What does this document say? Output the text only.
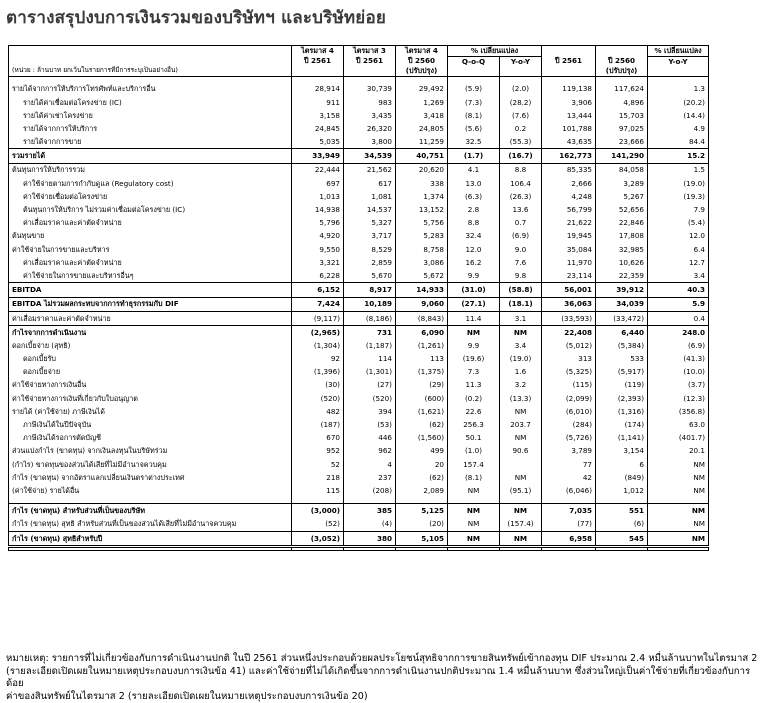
ตารางสรุปงบการเงินรวมของบริษัทฯ และบริษัทย่อย
	ไตรมาส 4	ไตรมาส 3	ไตรมาส 4	% เปลี่ยนแปลง				% เปลี่ยนแปลง
	ปี 2561	ปี 2561	ปี 2560	Q-o-Q	Y-o-Y	ปี 2561	ปี 2560	Y-o-Y
(หน่วย : ล้านบาท ยกเว้นในรายการที่มีการระบุเป็นอย่างอื่น)			(ปรับปรุง)				(ปรับปรุง)	

รายได้จากการให้บริการโทรศัพท์และบริการอื่น	28,914	30,739	29,492	(5.9)	(2.0)	119,138	117,624	1.3
รายได้ค่าเชื่อมต่อโครงข่าย (IC)	911	983	1,269	(7.3)	(28.2)	3,906	4,896	(20.2)
รายได้ค่าเช่าโครงข่าย	3,158	3,435	3,418	(8.1)	(7.6)	13,444	15,703	(14.4)
รายได้จากการให้บริการ	24,845	26,320	24,805	(5.6)	0.2	101,788	97,025	4.9
รายได้จากการขาย	5,035	3,800	11,259	32.5	(55.3)	43,635	23,666	84.4
รวมรายได้	33,949	34,539	40,751	(1.7)	(16.7)	162,773	141,290	15.2
ต้นทุนการให้บริการรวม	22,444	21,562	20,620	4.1	8.8	85,335	84,058	1.5
ค่าใช้จ่ายตามการกำกับดูแล (Regulatory cost)	697	617	338	13.0	106.4	2,666	3,289	(19.0)
ค่าใช้จ่ายเชื่อมต่อโครงข่าย	1,013	1,081	1,374	(6.3)	(26.3)	4,248	5,267	(19.3)
ต้นทุนการให้บริการ ไม่รวมค่าเชื่อมต่อโครงข่าย (IC)	14,938	14,537	13,152	2.8	13.6	56,799	52,656	7.9
ค่าเสื่อมราคาและค่าตัดจำหน่าย	5,796	5,327	5,756	8.8	0.7	21,622	22,846	(5.4)
ต้นทุนขาย	4,920	3,717	5,283	32.4	(6.9)	19,945	17,808	12.0
ค่าใช้จ่ายในการขายและบริหาร	9,550	8,529	8,758	12.0	9.0	35,084	32,985	6.4
ค่าเสื่อมราคาและค่าตัดจำหน่าย	3,321	2,859	3,086	16.2	7.6	11,970	10,626	12.7
ค่าใช้จ่ายในการขายและบริหารอื่นๆ	6,228	5,670	5,672	9.9	9.8	23,114	22,359	3.4
EBITDA	6,152	8,917	14,933	(31.0)	(58.8)	56,001	39,912	40.3
EBITDA ไม่รวมผลกระทบจากการทำธุรกรรมกับ DIF	7,424	10,189	9,060	(27.1)	(18.1)	36,063	34,039	5.9
ค่าเสื่อมราคาและค่าตัดจำหน่าย	(9,117)	(8,186)	(8,843)	11.4	3.1	(33,593)	(33,472)	0.4
กำไรจากการดำเนินงาน	(2,965)	731	6,090	NM	NM	22,408	6,440	248.0
ดอกเบี้ยจ่าย (สุทธิ)	(1,304)	(1,187)	(1,261)	9.9	3.4	(5,012)	(5,384)	(6.9)
ดอกเบี้ยรับ	92	114	113	(19.6)	(19.0)	313	533	(41.3)
ดอกเบี้ยจ่าย	(1,396)	(1,301)	(1,375)	7.3	1.6	(5,325)	(5,917)	(10.0)
ค่าใช้จ่ายทางการเงินอื่น	(30)	(27)	(29)	11.3	3.2	(115)	(119)	(3.7)
ค่าใช้จ่ายทางการเงินที่เกี่ยวกับใบอนุญาต	(520)	(520)	(600)	(0.2)	(13.3)	(2,099)	(2,393)	(12.3)
รายได้ (ค่าใช้จ่าย) ภาษีเงินได้	482	394	(1,621)	22.6	NM	(6,010)	(1,316)	(356.8)
ภาษีเงินได้ในปีปัจจุบัน	(187)	(53)	(62)	256.3	203.7	(284)	(174)	63.0
ภาษีเงินได้รอการตัดบัญชี	670	446	(1,560)	50.1	NM	(5,726)	(1,141)	(401.7)
ส่วนแบ่งกำไร (ขาดทุน) จากเงินลงทุนในบริษัทร่วม	952	962	499	(1.0)	90.6	3,789	3,154	20.1
(กำไร) ขาดทุนของส่วนได้เสียที่ไม่มีอำนาจควบคุม	52	4	20	157.4		77	6	NM
กำไร (ขาดทุน) จากอัตราแลกเปลี่ยนเงินตราต่างประเทศ	218	237	(62)	(8.1)	NM	42	(849)	NM
(ค่าใช้จ่าย) รายได้อื่น	115	(208)	2,089	NM	(95.1)	(6,046)	1,012	NM

กำไร (ขาดทุน) สำหรับส่วนที่เป็นของบริษัท	(3,000)	385	5,125	NM	NM	7,035	551	NM
กำไร (ขาดทุน) สุทธิ สำหรับส่วนที่เป็นของส่วนได้เสียที่ไม่มีอำนาจควบคุม	(52)	(4)	(20)	NM	(157.4)	(77)	(6)	NM
กำไร (ขาดทุน) สุทธิสำหรับปี	(3,052)	380	5,105	NM	NM	6,958	545	NM

หมายเหตุ: รายการที่ไม่เกี่ยวข้องกับการดำเนินงานปกติ ในปี 2561 ส่วนหนึ่งประกอบด้วยผลประโยชน์สุทธิจากการขายสินทรัพย์เข้ากองทุน DIF ประมาณ 2.4 หมื่นล้านบาทในไตรมาส 2
(รายละเอียดเปิดเผยในหมายเหตุประกอบงบการเงินข้อ 41) และค่าใช้จ่ายที่ไม่ได้เกิดขึ้นจากการดำเนินงานปกติประมาณ 1.4 หมื่นล้านบาท ซึ่งส่วนใหญ่เป็นค่าใช้จ่ายที่เกี่ยวข้องกับการด้อย
ค่าของสินทรัพย์ในไตรมาส 2 (รายละเอียดเปิดเผยในหมายเหตุประกอบงบการเงินข้อ 20)
